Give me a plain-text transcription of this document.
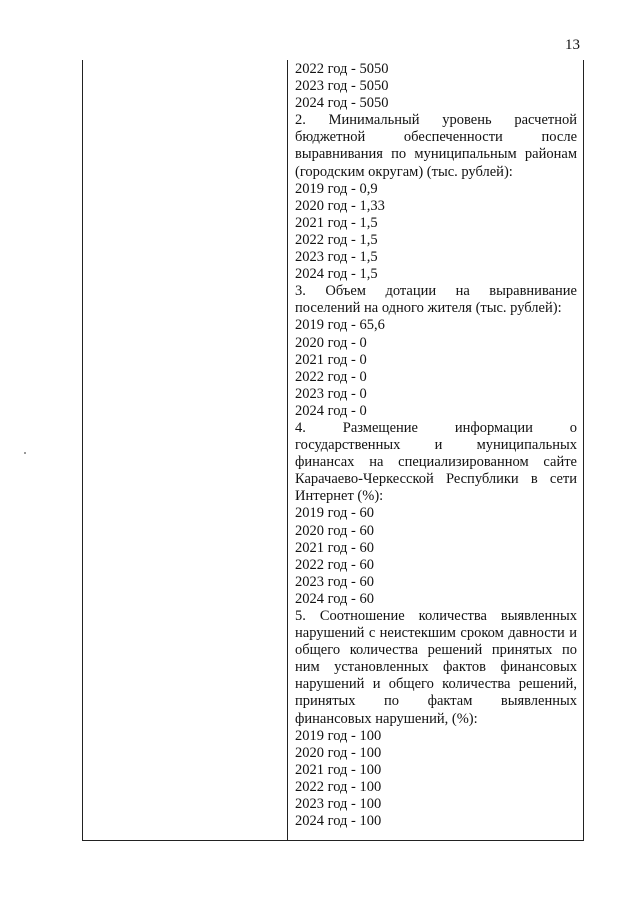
13
2022 год - 5050
2023 год - 5050
2024 год - 5050
2. Минимальный уровень расчетной бюджетной обеспеченности после выравнивания по муниципальным районам (городским округам) (тыс. рублей):
2019 год - 0,9
2020 год - 1,33
2021 год - 1,5
2022 год - 1,5
2023 год - 1,5
2024 год - 1,5
3. Объем дотации на выравнивание поселений на одного жителя (тыс. рублей):
2019 год - 65,6
2020 год - 0
2021 год - 0
2022 год - 0
2023 год - 0
2024 год - 0
4. Размещение информации о государственных и муниципальных финансах на специализированном сайте Карачаево-Черкесской Республики в сети Интернет (%):
2019 год - 60
2020 год - 60
2021 год - 60
2022 год - 60
2023 год - 60
2024 год - 60
5. Соотношение количества выявленных нарушений с неистекшим сроком давности и общего количества решений принятых по ним установленных фактов финансовых нарушений и общего количества решений, принятых по фактам выявленных финансовых нарушений, (%):
2019 год - 100
2020 год - 100
2021 год - 100
2022 год - 100
2023 год - 100
2024 год - 100
